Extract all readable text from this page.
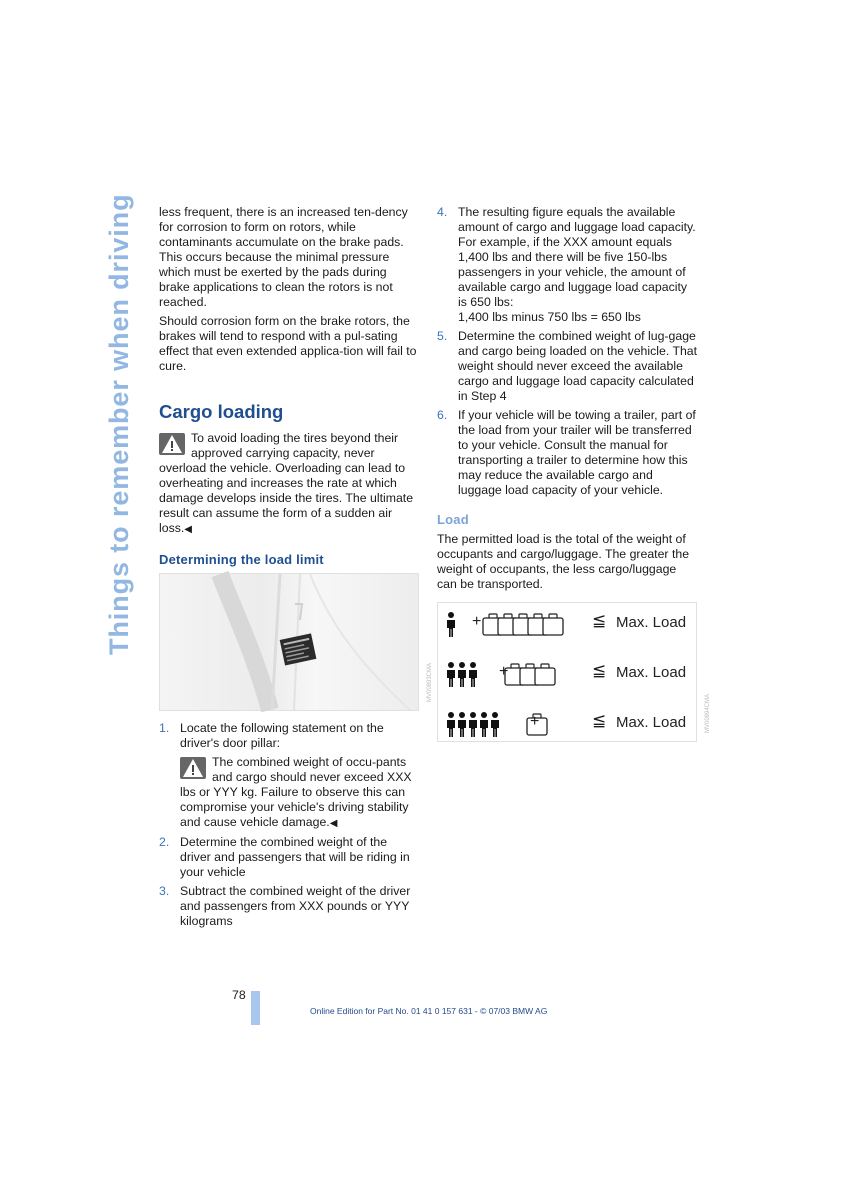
Things to remember when driving less frequent, there is an increased ten-dency for corrosion to form on rotors, while contaminants accumulate on the brake pads. This occurs because the minimal pressure which must be exerted by the pads during brake applications to clean the rotors is not reached.

Should corrosion form on the brake rotors, the brakes will tend to respond with a pul-sating effect that even extended applica-tion will fail to cure.

Cargo loading
To avoid loading the tires beyond their approved carrying capacity, never overload the vehicle. Overloading can lead to overheating and increases the rate at which damage develops inside the tires. The ultimate result can assume the form of a sudden air loss.◀
Determining the load limit
MV00893CMA
1. Locate the following statement on the driver's door pillar:
The combined weight of occu-pants and cargo should never exceed XXX lbs or YYY kg. Failure to observe this can compromise your vehicle's driving stability and cause vehicle damage.◀
2. Determine the combined weight of the driver and passengers that will be riding in your vehicle
3. Subtract the combined weight of the driver and passengers from XXX pounds or YYY kilograms
4. The resulting figure equals the available amount of cargo and luggage load capacity.
For example, if the XXX amount equals 1,400 lbs and there will be five 150-lbs passengers in your vehicle, the amount of available cargo and luggage load capacity is 650 lbs:
1,400 lbs minus 750 lbs = 650 lbs
5. Determine the combined weight of lug-gage and cargo being loaded on the vehicle. That weight should never exceed the available cargo and luggage load capacity calculated in Step 4
6. If your vehicle will be towing a trailer, part of the load from your trailer will be transferred to your vehicle. Consult the manual for transporting a trailer to determine how this may reduce the available cargo and luggage load capacity of your vehicle.
Load

The permitted load is the total of the weight of occupants and cargo/luggage. The greater the weight of occupants, the less cargo/luggage can be transported.

+	≦ Max. Load
+	≦ Max. Load
+	≦ Max. Load	MV00894CMA
78
Online Edition for Part No. 01 41 0 157 631 - © 07/03 BMW AG
